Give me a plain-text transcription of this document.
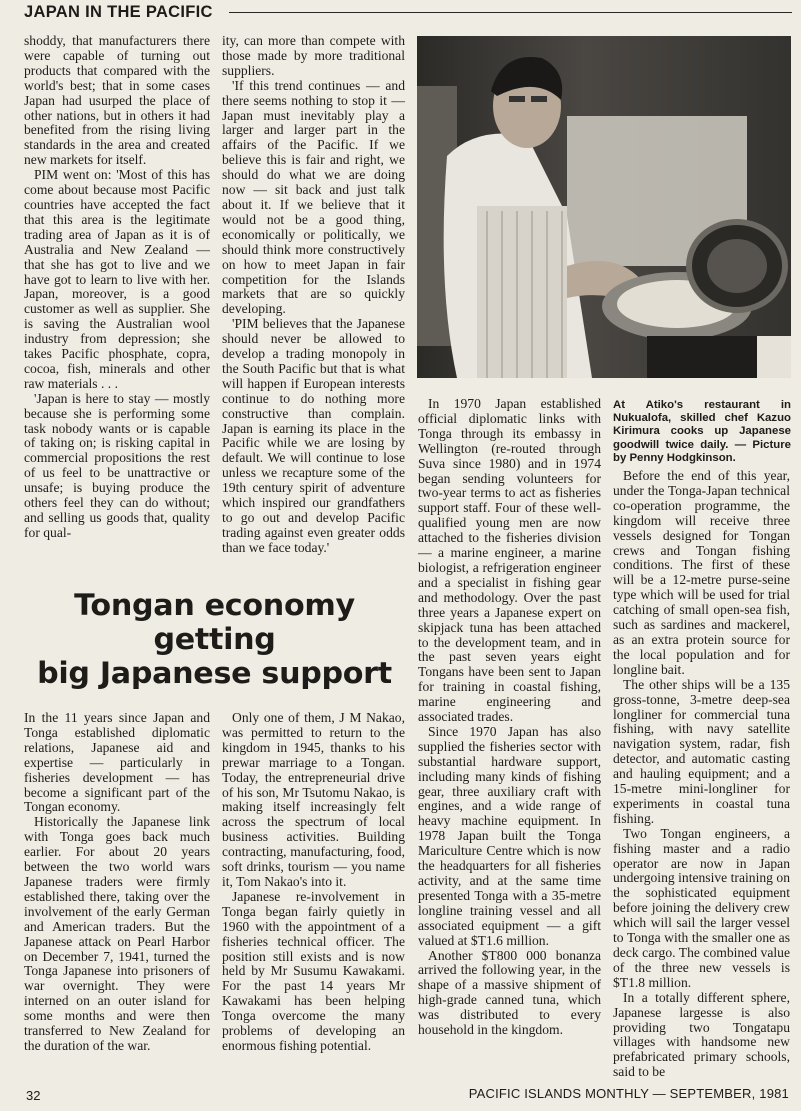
JAPAN IN THE PACIFIC

shoddy, that manufacturers there were capable of turning out products that compared with the world's best; that in some cases Japan had usurped the place of other nations, but in others it had benefited from the rising living standards in the area and created new markets for itself.

PIM went on: 'Most of this has come about because most Pacific countries have accepted the fact that this area is the legitimate trading area of Japan as it is of Australia and New Zealand — that she has got to live and we have got to learn to live with her. Japan, moreover, is a good customer as well as supplier. She is saving the Australian wool industry from depression; she takes Pacific phosphate, copra, cocoa, fish, minerals and other raw materials . . .

'Japan is here to stay — mostly because she is performing some task nobody wants or is capable of taking on; is risking capital in commercial propositions the rest of us feel to be unattractive or unsafe; is buying produce the others feel they can do without; and selling us goods that, quality for qual-

ity, can more than compete with those made by more traditional suppliers.

'If this trend continues — and there seems nothing to stop it — Japan must inevitably play a larger and larger part in the affairs of the Pacific. If we believe this is fair and right, we should do what we are doing now — sit back and just talk about it. If we believe that it would not be a good thing, economically or politically, we should think more constructively on how to meet Japan in fair competition for the Islands markets that are so quickly developing.

'PIM believes that the Japanese should never be allowed to develop a trading monopoly in the South Pacific but that is what will happen if European interests continue to do nothing more constructive than complain. Japan is earning its place in the Pacific while we are losing by default. We will continue to lose unless we recapture some of the 19th century spirit of adventure which inspired our grandfathers to go out and develop Pacific trading against even greater odds than we face today.'

At Atiko's restaurant in Nukualofa, skilled chef Kazuo Kirimura cooks up Japanese goodwill twice daily. — Picture by Penny Hodgkinson.
Tongan economy
getting
big Japanese support

In the 11 years since Japan and Tonga established diplomatic relations, Japanese aid and expertise — particularly in fisheries development — has become a significant part of the Tongan economy.

Historically the Japanese link with Tonga goes back much earlier. For about 20 years between the two world wars Japanese traders were firmly established there, taking over the involvement of the early German and American traders. But the Japanese attack on Pearl Harbor on December 7, 1941, turned the Tonga Japanese into prisoners of war overnight. They were interned on an outer island for some months and were then transferred to New Zealand for the duration of the war.

Only one of them, J M Nakao, was permitted to return to the kingdom in 1945, thanks to his prewar marriage to a Tongan. Today, the entrepreneurial drive of his son, Mr Tsutomu Nakao, is making itself increasingly felt across the spectrum of local business activities. Building contracting, manufacturing, food, soft drinks, tourism — you name it, Tom Nakao's into it.

Japanese re-involvement in Tonga began fairly quietly in 1960 with the appointment of a fisheries technical officer. The position still exists and is now held by Mr Susumu Kawakami. For the past 14 years Mr Kawakami has been helping Tonga overcome the many problems of developing an enormous fishing potential.

In 1970 Japan established official diplomatic links with Tonga through its embassy in Wellington (re-routed through Suva since 1980) and in 1974 began sending volunteers for two-year terms to act as fisheries support staff. Four of these well-qualified young men are now attached to the fisheries division — a marine engineer, a marine biologist, a refrigeration engineer and a specialist in fishing gear and methodology. Over the past three years a Japanese expert on skipjack tuna has been attached to the development team, and in the past seven years eight Tongans have been sent to Japan for training in coastal fishing, marine engineering and associated trades.

Since 1970 Japan has also supplied the fisheries sector with substantial hardware support, including many kinds of fishing gear, three auxiliary craft with engines, and a wide range of heavy machine equipment. In 1978 Japan built the Tonga Mariculture Centre which is now the headquarters for all fisheries activity, and at the same time presented Tonga with a 35-metre longline training vessel and all associated equipment — a gift valued at $T1.6 million.

Another $T800 000 bonanza arrived the following year, in the shape of a massive shipment of high-grade canned tuna, which was distributed to every household in the kingdom.

Before the end of this year, under the Tonga-Japan technical co-operation programme, the kingdom will receive three vessels designed for Tongan crews and Tongan fishing conditions. The first of these will be a 12-metre purse-seine type which will be used for trial catching of small open-sea fish, such as sardines and mackerel, as an extra protein source for the local population and for longline bait.

The other ships will be a 135 gross-tonne, 3-metre deep-sea longliner for commercial tuna fishing, with navy satellite navigation system, radar, fish detector, and automatic casting and hauling equipment; and a 15-metre mini-longliner for experiments in coastal tuna fishing.

Two Tongan engineers, a fishing master and a radio operator are now in Japan undergoing intensive training on the sophisticated equipment before joining the delivery crew which will sail the larger vessel to Tonga with the smaller one as deck cargo. The combined value of the three new vessels is $T1.8 million.

In a totally different sphere, Japanese largesse is also providing two Tongatapu villages with handsome new prefabricated primary schools, said to be

32	PACIFIC ISLANDS MONTHLY — SEPTEMBER, 1981
